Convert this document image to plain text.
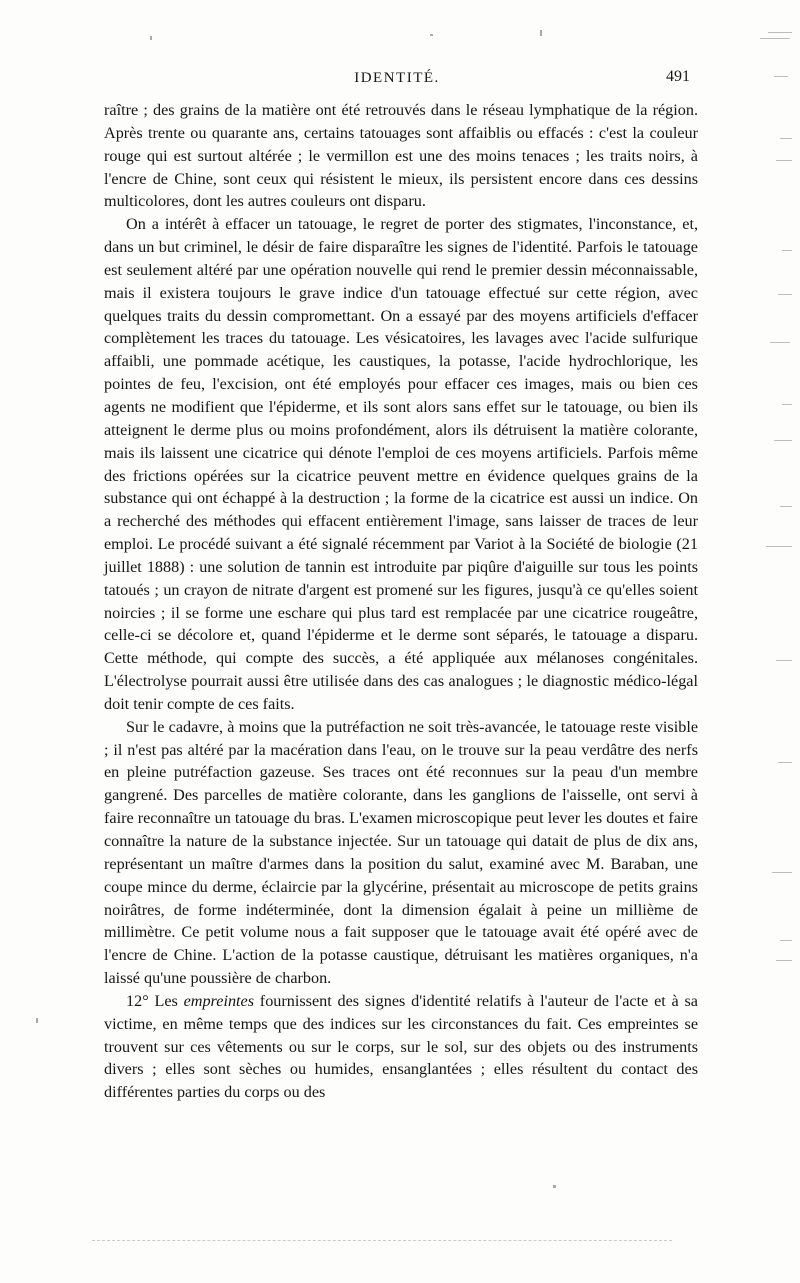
IDENTITÉ.	491

raître ; des grains de la matière ont été retrouvés dans le réseau lymphatique de la région. Après trente ou quarante ans, certains tatouages sont affaiblis ou effacés : c'est la couleur rouge qui est surtout altérée ; le vermillon est une des moins tenaces ; les traits noirs, à l'encre de Chine, sont ceux qui résistent le mieux, ils persistent encore dans ces dessins multicolores, dont les autres couleurs ont disparu.

On a intérêt à effacer un tatouage, le regret de porter des stigmates, l'inconstance, et, dans un but criminel, le désir de faire disparaître les signes de l'identité. Parfois le tatouage est seulement altéré par une opération nouvelle qui rend le premier dessin méconnaissable, mais il existera toujours le grave indice d'un tatouage effectué sur cette région, avec quelques traits du dessin compromettant. On a essayé par des moyens artificiels d'effacer complètement les traces du tatouage. Les vésicatoires, les lavages avec l'acide sulfurique affaibli, une pommade acétique, les caustiques, la potasse, l'acide hydrochlorique, les pointes de feu, l'excision, ont été employés pour effacer ces images, mais ou bien ces agents ne modifient que l'épiderme, et ils sont alors sans effet sur le tatouage, ou bien ils atteignent le derme plus ou moins profondément, alors ils détruisent la matière colorante, mais ils laissent une cicatrice qui dénote l'emploi de ces moyens artificiels. Parfois même des frictions opérées sur la cicatrice peuvent mettre en évidence quelques grains de la substance qui ont échappé à la destruction ; la forme de la cicatrice est aussi un indice. On a recherché des méthodes qui effacent entièrement l'image, sans laisser de traces de leur emploi. Le procédé suivant a été signalé récemment par Variot à la Société de biologie (21 juillet 1888) : une solution de tannin est introduite par piqûre d'aiguille sur tous les points tatoués ; un crayon de nitrate d'argent est promené sur les figures, jusqu'à ce qu'elles soient noircies ; il se forme une eschare qui plus tard est remplacée par une cicatrice rougeâtre, celle-ci se décolore et, quand l'épiderme et le derme sont séparés, le tatouage a disparu. Cette méthode, qui compte des succès, a été appliquée aux mélanoses congénitales. L'électrolyse pourrait aussi être utilisée dans des cas analogues ; le diagnostic médico-légal doit tenir compte de ces faits.

Sur le cadavre, à moins que la putréfaction ne soit très-avancée, le tatouage reste visible ; il n'est pas altéré par la macération dans l'eau, on le trouve sur la peau verdâtre des nerfs en pleine putréfaction gazeuse. Ses traces ont été reconnues sur la peau d'un membre gangrené. Des parcelles de matière colorante, dans les ganglions de l'aisselle, ont servi à faire reconnaître un tatouage du bras. L'examen microscopique peut lever les doutes et faire connaître la nature de la substance injectée. Sur un tatouage qui datait de plus de dix ans, représentant un maître d'armes dans la position du salut, examiné avec M. Baraban, une coupe mince du derme, éclaircie par la glycérine, présentait au microscope de petits grains noirâtres, de forme indéterminée, dont la dimension égalait à peine un millième de millimètre. Ce petit volume nous a fait supposer que le tatouage avait été opéré avec de l'encre de Chine. L'action de la potasse caustique, détruisant les matières organiques, n'a laissé qu'une poussière de charbon.

12° Les empreintes fournissent des signes d'identité relatifs à l'auteur de l'acte et à sa victime, en même temps que des indices sur les circonstances du fait. Ces empreintes se trouvent sur ces vêtements ou sur le corps, sur le sol, sur des objets ou des instruments divers ; elles sont sèches ou humides, ensanglantées ; elles résultent du contact des différentes parties du corps ou des
